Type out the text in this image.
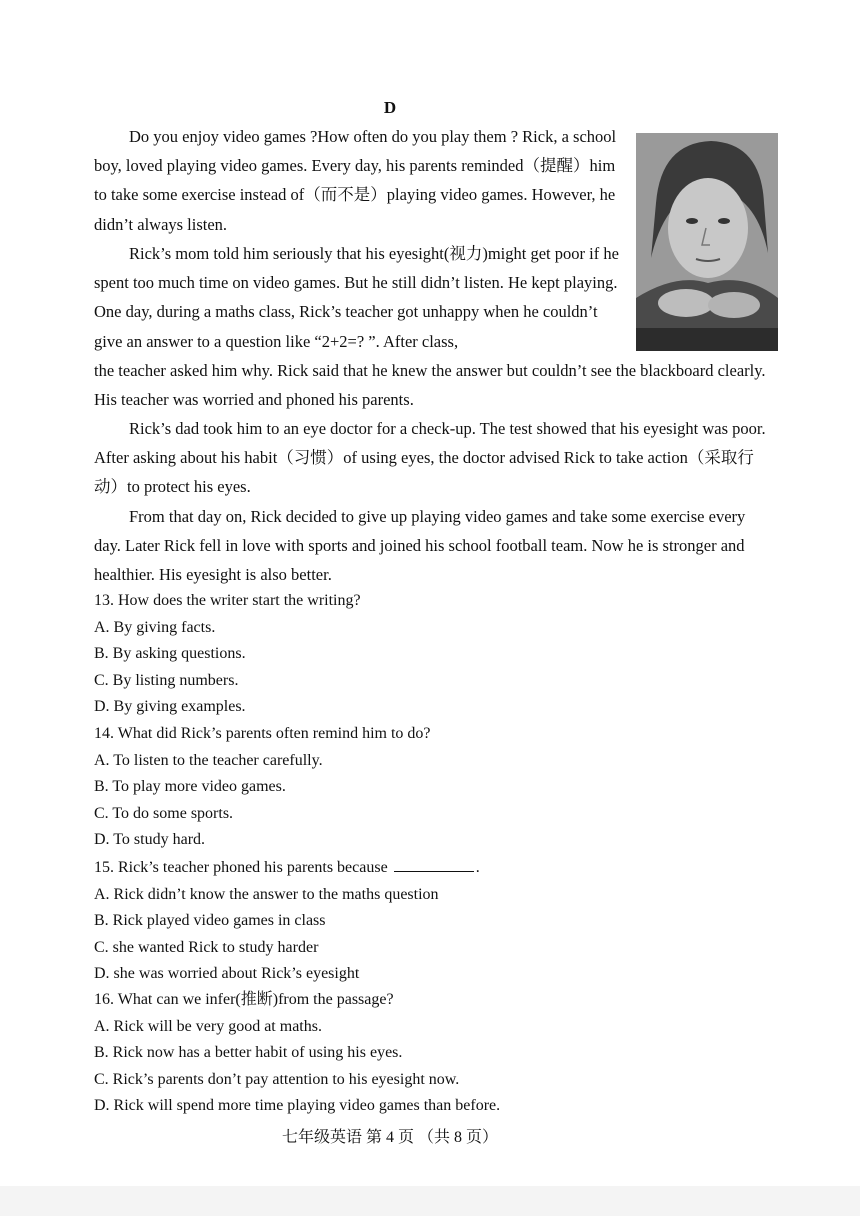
D

Do you enjoy video games ?How often do you play them ? Rick, a school boy, loved playing video games. Every day, his parents reminded（提醒）him to take some exercise instead of（而不是）playing video games. However, he didn’t always listen.

Rick’s mom told him seriously that his eyesight(视力)might get poor if he spent too much time on video games. But he still didn’t listen. He kept playing. One day, during a maths class, Rick’s teacher got unhappy when he couldn’t give an answer to a question like “2+2=? ”. After class,
the teacher asked him why. Rick said that he knew the answer but couldn’t see the blackboard clearly. His teacher was worried and phoned his parents.

Rick’s dad took him to an eye doctor for a check-up. The test showed that his eyesight was poor. After asking about his habit（习惯）of using eyes, the doctor advised Rick to take action（采取行动）to protect his eyes.

From that day on, Rick decided to give up playing video games and take some exercise every day. Later Rick fell in love with sports and joined his school football team. Now he is stronger and healthier. His eyesight is also better.

13. How does the writer start the writing?
A. By giving facts.
B. By asking questions.
C. By listing numbers.
D. By giving examples.
14. What did Rick’s parents often remind him to do?
A. To listen to the teacher carefully.
B. To play more video games.
C. To do some sports.
D. To study hard.
15. Rick’s teacher phoned his parents because	.
A. Rick didn’t know the answer to the maths question
B. Rick played video games in class
C. she wanted Rick to study harder
D. she was worried about Rick’s eyesight
16. What can we infer(推断)from the passage?
A. Rick will be very good at maths.
B. Rick now has a better habit of using his eyes.
C. Rick’s parents don’t pay attention to his eyesight now.
D. Rick will spend more time playing video games than before.
七年级英语 第 4 页 （共 8 页）
